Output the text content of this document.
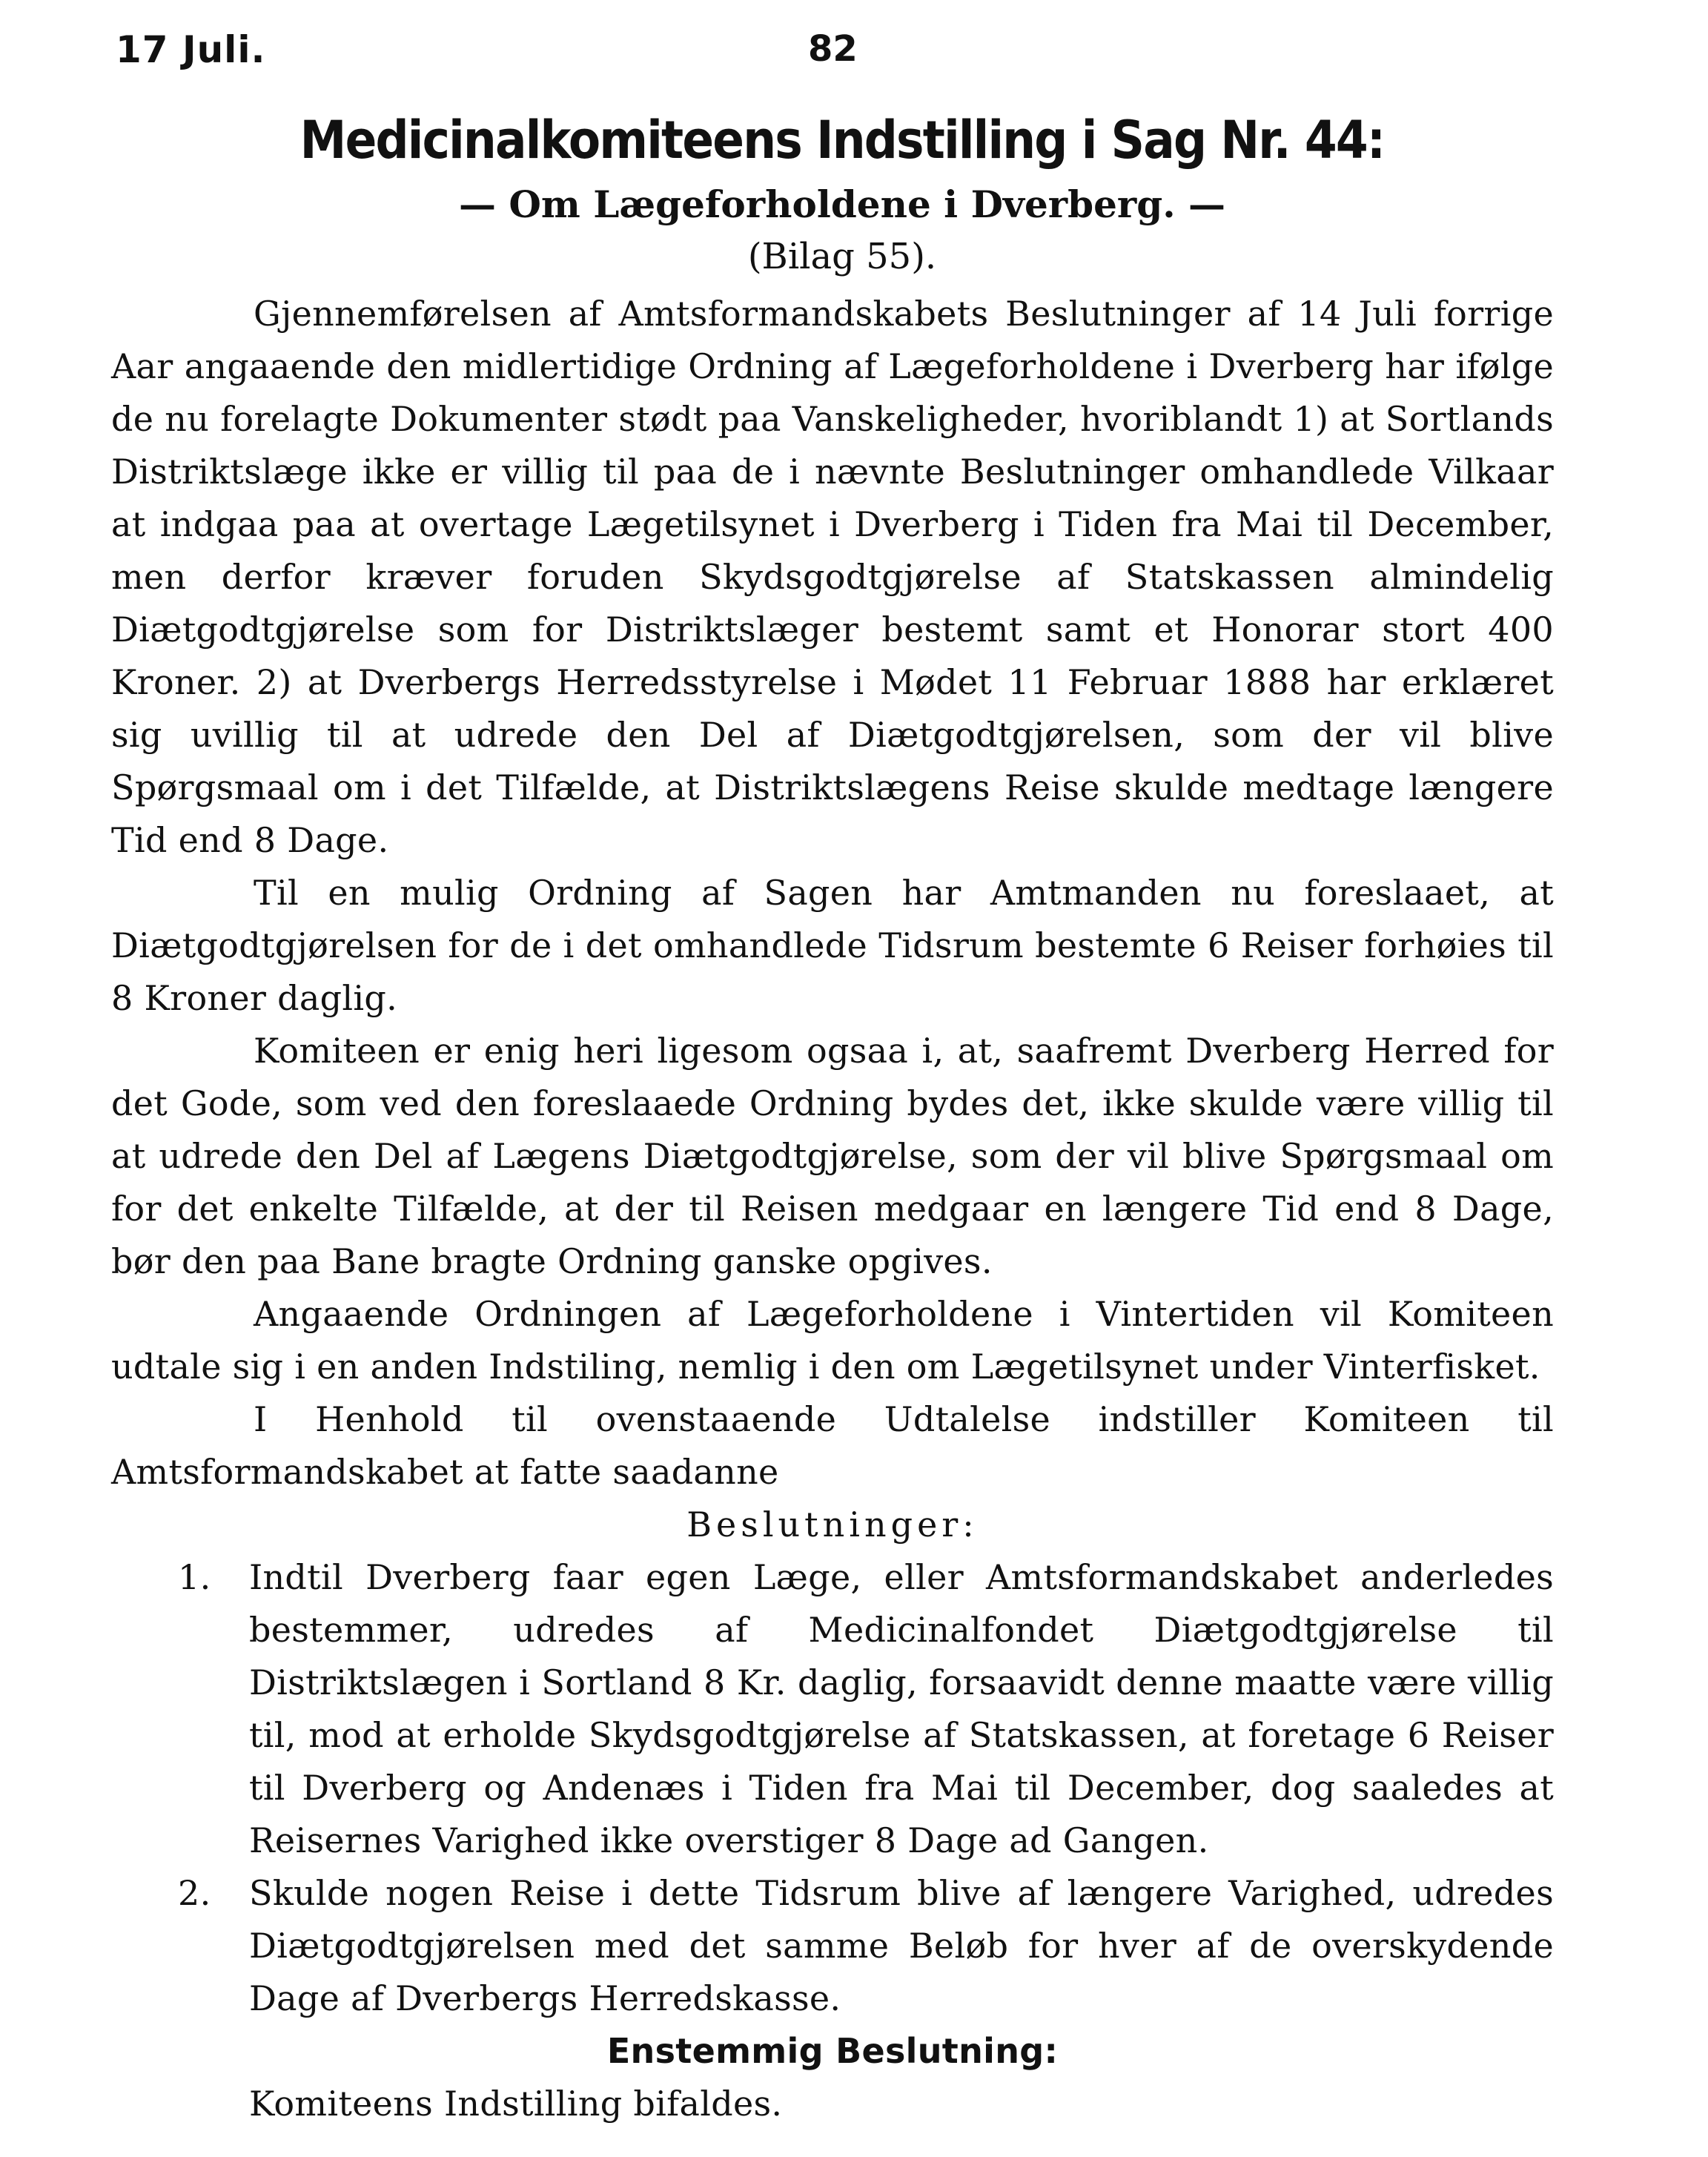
17 Juli.	82
Medicinalkomiteens Indstilling i Sag Nr. 44:
— Om Lægeforholdene i Dverberg. —
(Bilag 55).

Gjennemførelsen af Amtsformandskabets Beslutninger af 14 Juli forrige Aar angaaende den midlertidige Ordning af Lægeforholdene i Dverberg har ifølge de nu forelagte Dokumenter stødt paa Vanskeligheder, hvoriblandt 1) at Sortlands Distriktslæge ikke er villig til paa de i nævnte Beslutninger omhandlede Vilkaar at indgaa paa at overtage Lægetilsynet i Dverberg i Tiden fra Mai til December, men derfor kræver foruden Skydsgodtgjørelse af Statskassen almindelig Diætgodtgjørelse som for Distriktslæger bestemt samt et Honorar stort 400 Kroner. 2) at Dverbergs Herredsstyrelse i Mødet 11 Februar 1888 har erklæret sig uvillig til at udrede den Del af Diætgodtgjørelsen, som der vil blive Spørgsmaal om i det Tilfælde, at Distriktslægens Reise skulde medtage længere Tid end 8 Dage.

Til en mulig Ordning af Sagen har Amtmanden nu foreslaaet, at Diætgodtgjørelsen for de i det omhandlede Tidsrum bestemte 6 Reiser forhøies til 8 Kroner daglig.

Komiteen er enig heri ligesom ogsaa i, at, saafremt Dverberg Herred for det Gode, som ved den foreslaaede Ordning bydes det, ikke skulde være villig til at udrede den Del af Lægens Diætgodtgjørelse, som der vil blive Spørgsmaal om for det enkelte Tilfælde, at der til Reisen medgaar en længere Tid end 8 Dage, bør den paa Bane bragte Ordning ganske opgives.

Angaaende Ordningen af Lægeforholdene i Vintertiden vil Komiteen udtale sig i en anden Indstiling, nemlig i den om Lægetilsynet under Vinterfisket.

I Henhold til ovenstaaende Udtalelse indstiller Komiteen til Amtsformandskabet at fatte saadanne

Beslutninger:
1. Indtil Dverberg faar egen Læge, eller Amtsformandskabet anderledes bestemmer, udredes af Medicinalfondet Diætgodtgjørelse til Distriktslægen i Sortland 8 Kr. daglig, forsaavidt denne maatte være villig til, mod at erholde Skydsgodtgjørelse af Statskassen, at foretage 6 Reiser til Dverberg og Andenæs i Tiden fra Mai til December, dog saaledes at Reisernes Varighed ikke overstiger 8 Dage ad Gangen.
2. Skulde nogen Reise i dette Tidsrum blive af længere Varighed, udredes Diætgodtgjørelsen med det samme Beløb for hver af de overskydende Dage af Dverbergs Herredskasse.
Enstemmig Beslutning:
Komiteens Indstilling bifaldes.
